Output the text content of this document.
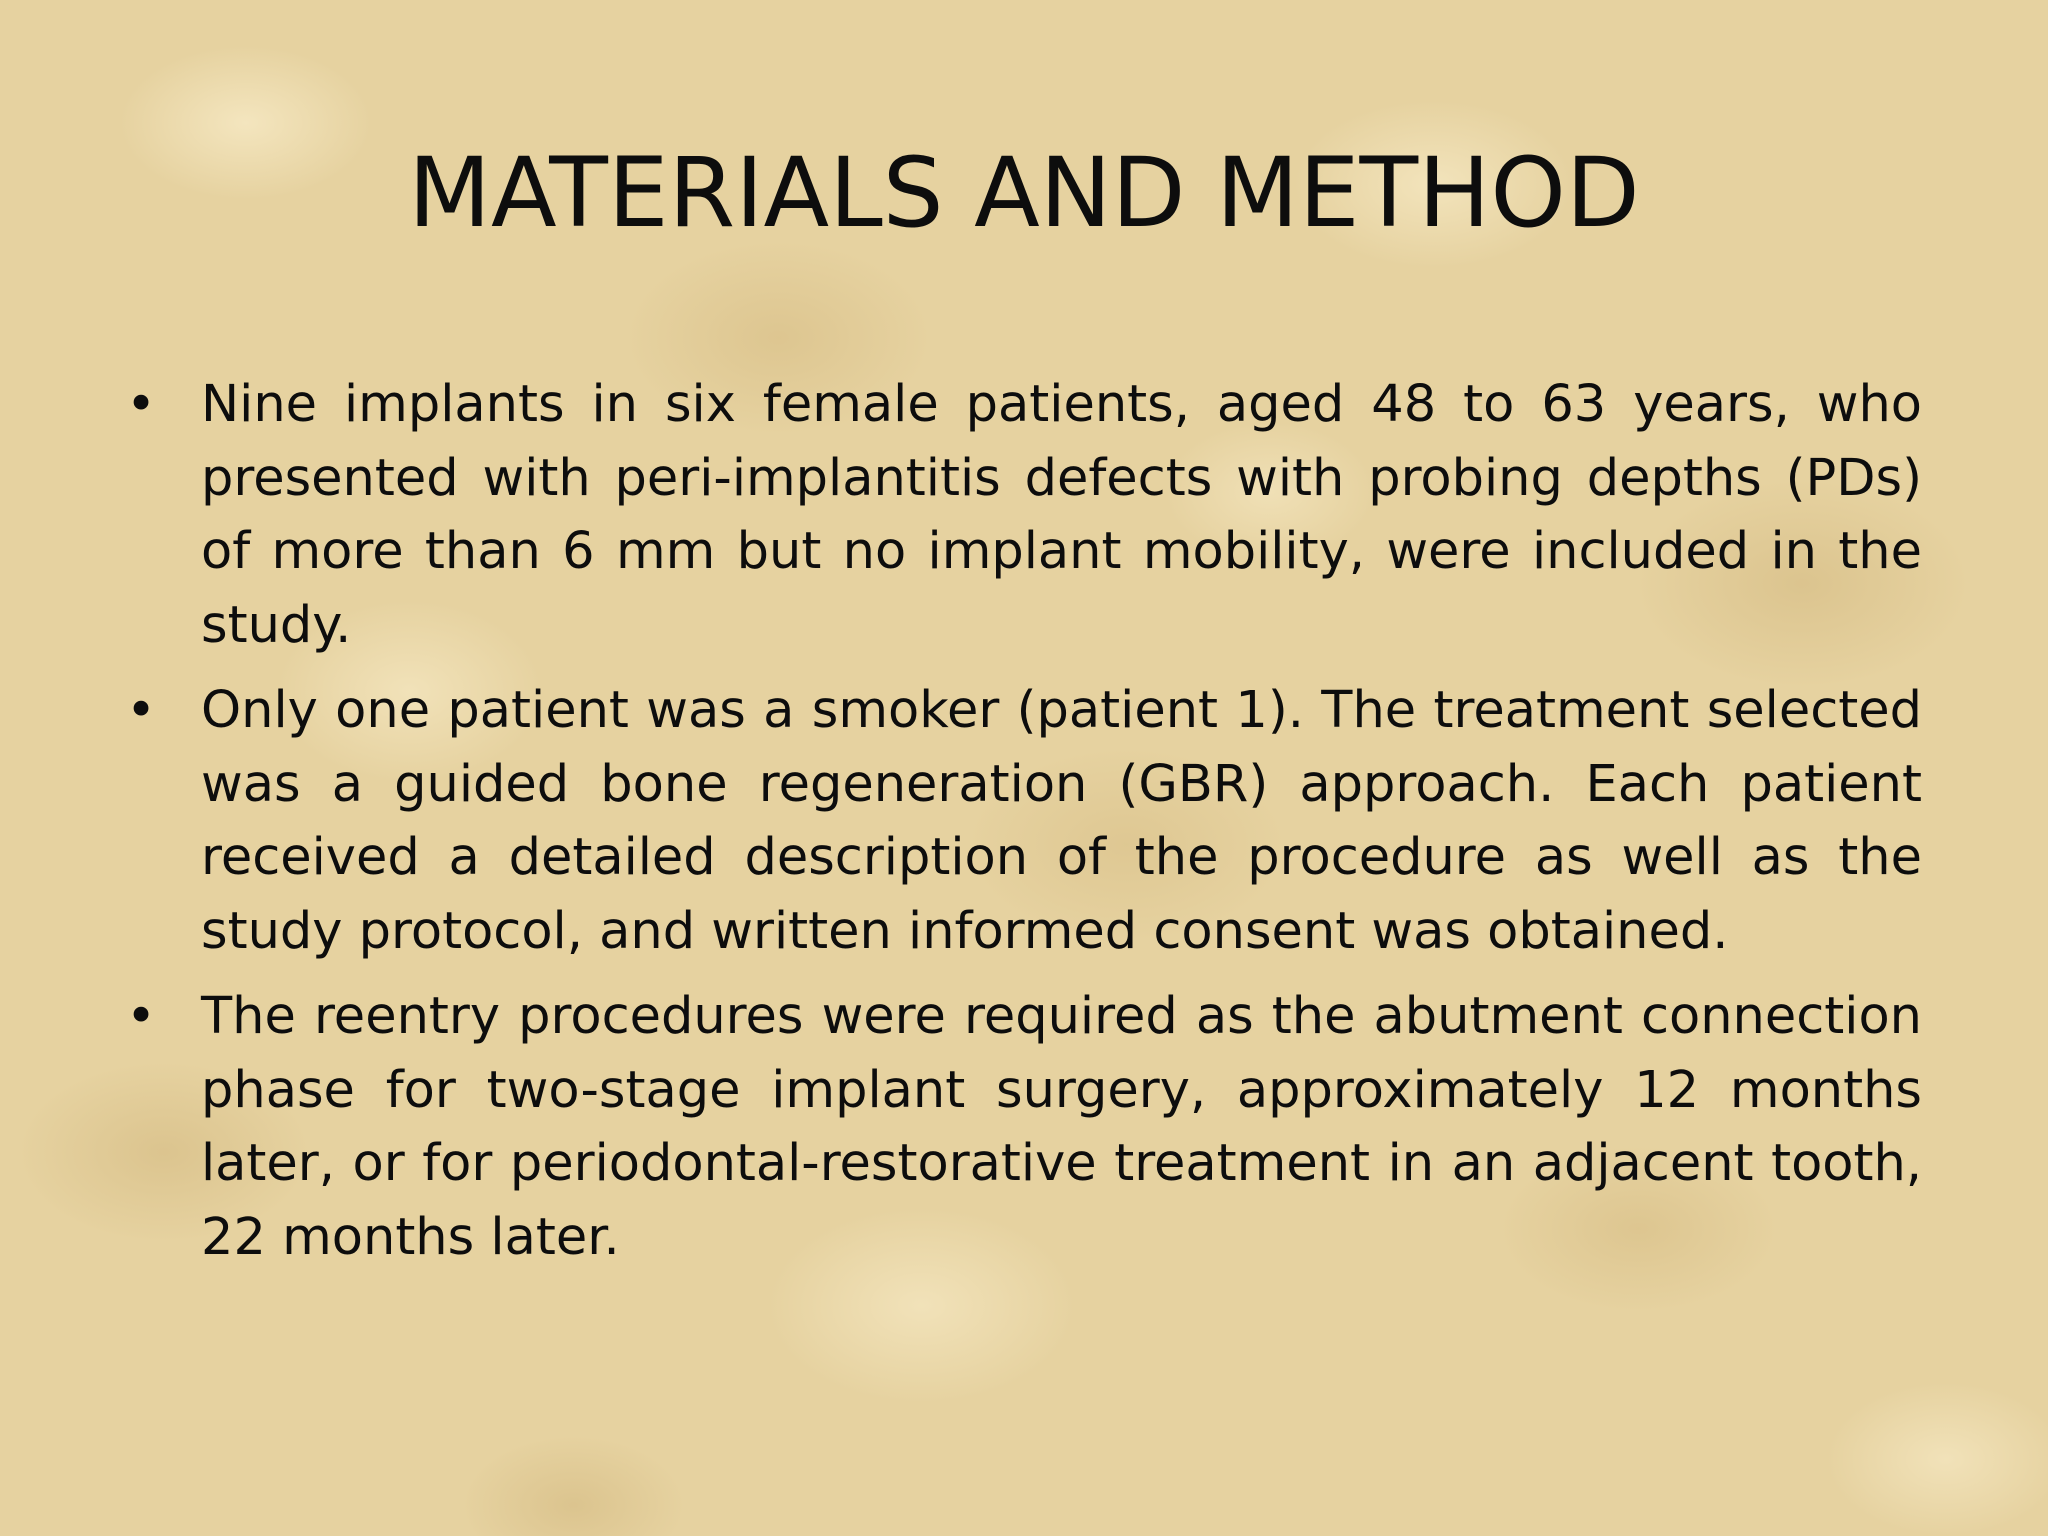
MATERIALS AND METHOD
• Nine implants in six female patients, aged 48 to 63 years, who presented with peri-implantitis defects with probing depths (PDs) of more than 6 mm but no implant mobility, were included in the study.
• Only one patient was a smoker (patient 1). The treatment selected was a guided bone regeneration (GBR) approach. Each patient received a detailed description of the procedure as well as the study protocol, and written informed consent was obtained.
• The reentry procedures were required as the abutment connection phase for two-stage implant surgery, approximately 12 months later, or for periodontal-restorative treatment in an adjacent tooth, 22 months later.
